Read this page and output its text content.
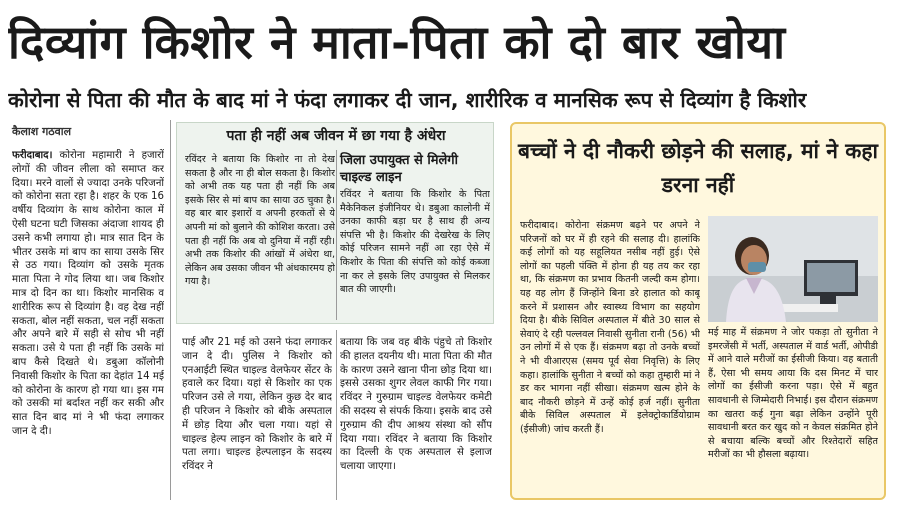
दिव्यांग किशोर ने माता-पिता को दो बार खोया
कोरोना से पिता की मौत के बाद मां ने फंदा लगाकर दी जान, शारीरिक व मानसिक रूप से दिव्यांग है किशोर
कैलाश गठवाल
फरीदाबाद। कोरोना महामारी ने हजारों लोगों की जीवन लीला को समाप्त कर दिया। मरने वालों से ज्यादा उनके परिजनों को कोरोना सता रहा है। शहर के एक 16 वर्षीय दिव्यांग के साथ कोरोना काल में ऐसी घटना घटी जिसका अंदाजा शायद ही उसने कभी लगाया हो। मात्र सात दिन के भीतर उसके मां बाप का साया उसके सिर से उठ गया। दिव्यांग को उसके मृतक माता पिता ने गोद लिया था। जब किशोर मात्र दो दिन का था। किशोर मानसिक व शारीरिक रूप से दिव्यांग है। वह देख नहीं सकता, बोल नहीं सकता, चल नहीं सकता और अपने बारे में सही से सोच भी नहीं सकता। उसे ये पता ही नहीं कि उसके मां बाप कैसे दिखते थे। डबुआ कॉलोनी निवासी किशोर के पिता का देहांत 14 मई को कोरोना के कारण हो गया था। इस गम को उसकी मां बर्दाश्त नहीं कर सकी और सात दिन बाद मां ने भी फंदा लगाकर जान दे दी।
पता ही नहीं अब जीवन में छा गया है अंधेरा
रविंदर ने बताया कि किशोर ना तो देख सकता है और ना ही बोल सकता है। किशोर को अभी तक यह पता ही नहीं कि अब इसके सिर से मां बाप का साया उठ चुका है। वह बार बार इशारों व अपनी हरकतों से ये अपनी मां को बुलाने की कोशिश करता। उसे पता ही नहीं कि अब वो दुनिया में नहीं रही। अभी तक किशोर की आंखों में अंधेरा था, लेकिन अब उसका जीवन भी अंधकारमय हो गया है।
जिला उपायुक्त से मिलेगी चाइल्ड लाइन
रविंदर ने बताया कि किशोर के पिता मैकेनिकल इंजीनियर थे। डबुआ कालोनी में उनका काफी बड़ा घर है साथ ही अन्य संपत्ति भी है। किशोर की देखरेख के लिए कोई परिजन सामने नहीं आ रहा ऐसे में किशोर के पिता की संपत्ति को कोई कब्जा ना कर ले इसके लिए उपायुक्त से मिलकर बात की जाएगी।
पाई और 21 मई को उसने फंदा लगाकर जान दे दी। पुलिस ने किशोर को एनआईटी स्थित चाइल्ड वेलफेयर सेंटर के हवाले कर दिया। यहां से किशोर का एक परिजन उसे ले गया, लेकिन कुछ देर बाद ही परिजन ने किशोर को बीके अस्पताल में छोड़ दिया और चला गया। यहां से चाइल्ड हेल्प लाइन को किशोर के बारे में पता लगा। चाइल्ड हेल्पलाइन के सदस्य रविंदर ने
बताया कि जब वह बीके पंहुचे तो किशोर की हालत दयनीय थी। माता पिता की मौत के कारण उसने खाना पीना छोड़ दिया था। इससे उसका शुगर लेवल काफी गिर गया। रविंदर ने गुरुग्राम चाइल्ड वेलफेयर कमेटी की सदस्य से संपर्क किया। इसके बाद उसे गुरुग्राम की दीप आश्रय संस्था को सौंप दिया गया। रविंदर ने बताया कि किशोर का दिल्ली के एक अस्पताल से इलाज चलाया जाएगा।
बच्चों ने दी नौकरी छोड़ने की सलाह, मां ने कहा डरना नहीं
फरीदाबाद। कोरोना संक्रमण बढ़ने पर अपने ने परिजनों को घर में ही रहने की सलाह दी। हालांकि कई लोगों को यह सहूलियत नसीब नहीं हुई। ऐसे लोगों का पहली पंक्ति में होना ही यह तय कर रहा था, कि संक्रमण का प्रभाव कितनी जल्दी कम होगा। यह वह लोग हैं जिन्होंने बिना डरे हालात को काबू करने में प्रशासन और स्वास्थ्य विभाग का सहयोग दिया है। बीके सिविल अस्पताल में बीते 30 साल से सेवाएं दे रही पल्लवल निवासी सुनीता रानी (56) भी उन लोगों में से एक हैं। संक्रमण बढ़ा तो उनके बच्चों ने भी वीआरएस (समय पूर्व सेवा निवृत्ति) के लिए कहा। हालांकि सुनीता ने बच्चों को कहा तुम्हारी मां ने डर कर भागना नहीं सीखा। संक्रमण खत्म होने के बाद नौकरी छोड़ने में उन्हें कोई हर्ज नहीं। सुनीता बीके सिविल अस्पताल में इलेक्ट्रोकार्डियोग्राम (ईसीजी) जांच करती हैं।
मई माह में संक्रमण ने जोर पकड़ा तो सुनीता ने इमरजेंसी में भर्ती, अस्पताल में वार्ड भर्ती, ओपीडी में आने वाले मरीजों का ईसीजी किया। वह बताती हैं, ऐसा भी समय आया कि दस मिनट में चार लोगों का ईसीजी करना पड़ा। ऐसे में बहुत सावधानी से जिम्मेदारी निभाई। इस दौरान संक्रमण का खतरा कई गुना बढ़ा लेकिन उन्होंने पूरी सावधानी बरत कर खुद को न केवल संक्रमित होने से बचाया बल्कि बच्चों और रिश्तेदारों सहित मरीजों का भी हौसला बढ़ाया।
